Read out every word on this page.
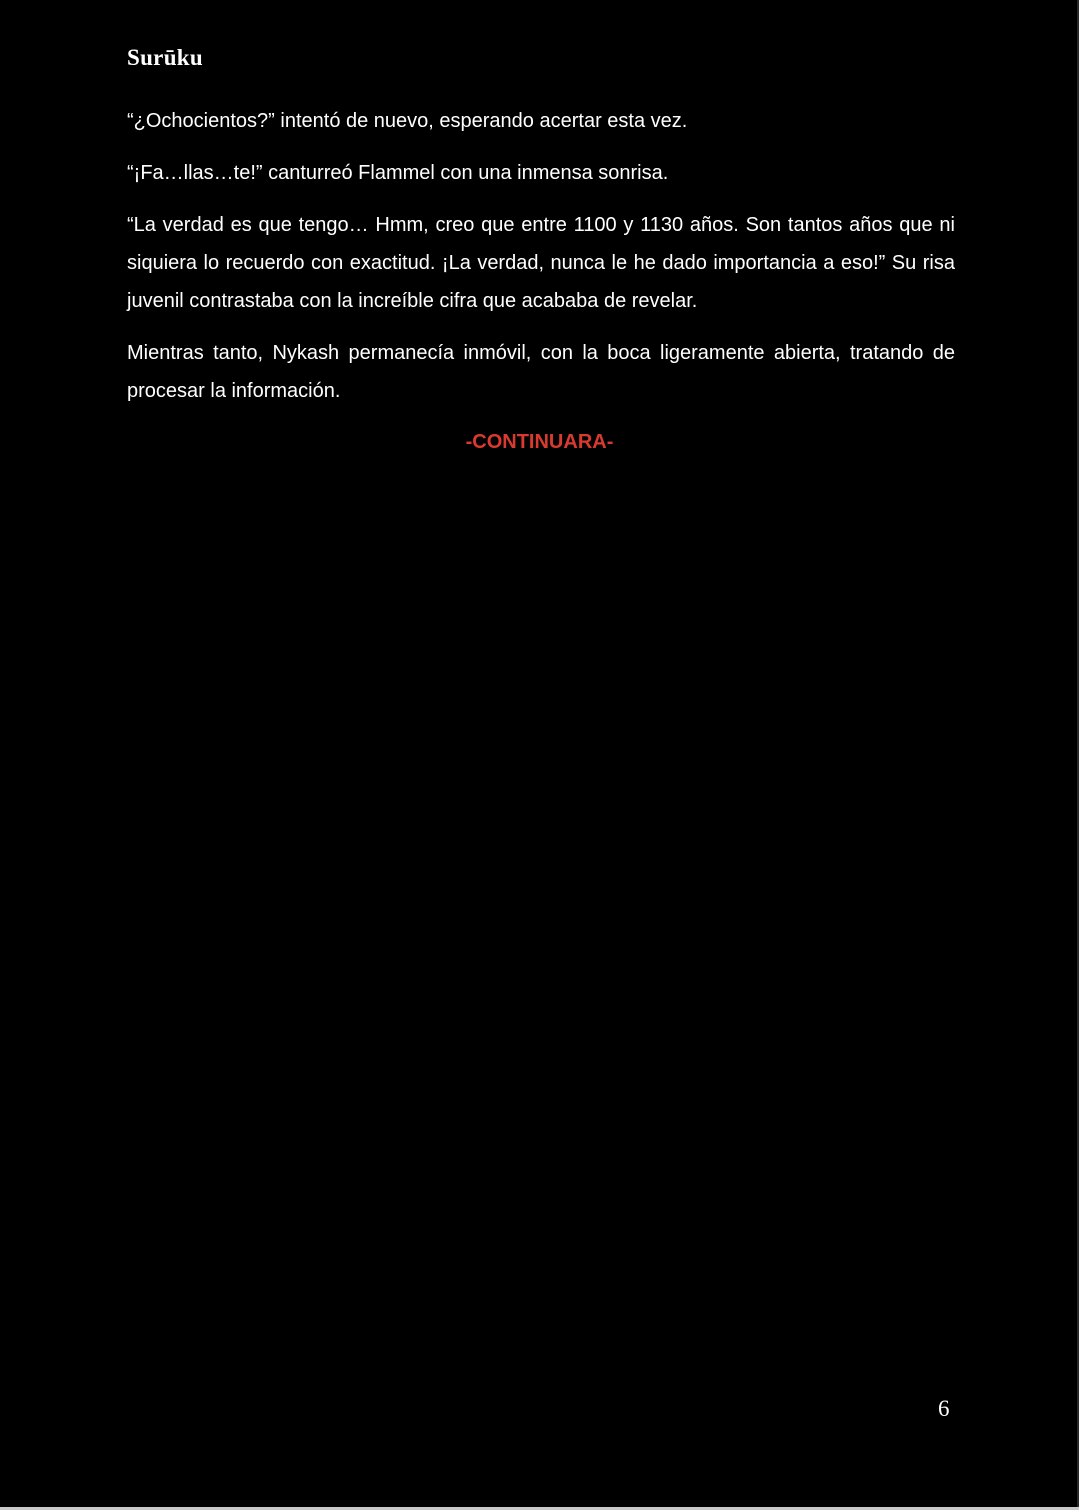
Surūku

“¿Ochocientos?” intentó de nuevo, esperando acertar esta vez.

“¡Fa…llas…te!” canturreó Flammel con una inmensa sonrisa.

“La verdad es que tengo… Hmm, creo que entre 1100 y 1130 años. Son tantos años que ni siquiera lo recuerdo con exactitud. ¡La verdad, nunca le he dado importancia a eso!” Su risa juvenil contrastaba con la increíble cifra que acababa de revelar.

Mientras tanto, Nykash permanecía inmóvil, con la boca ligeramente abierta, tratando de procesar la información.

-CONTINUARA-
6
